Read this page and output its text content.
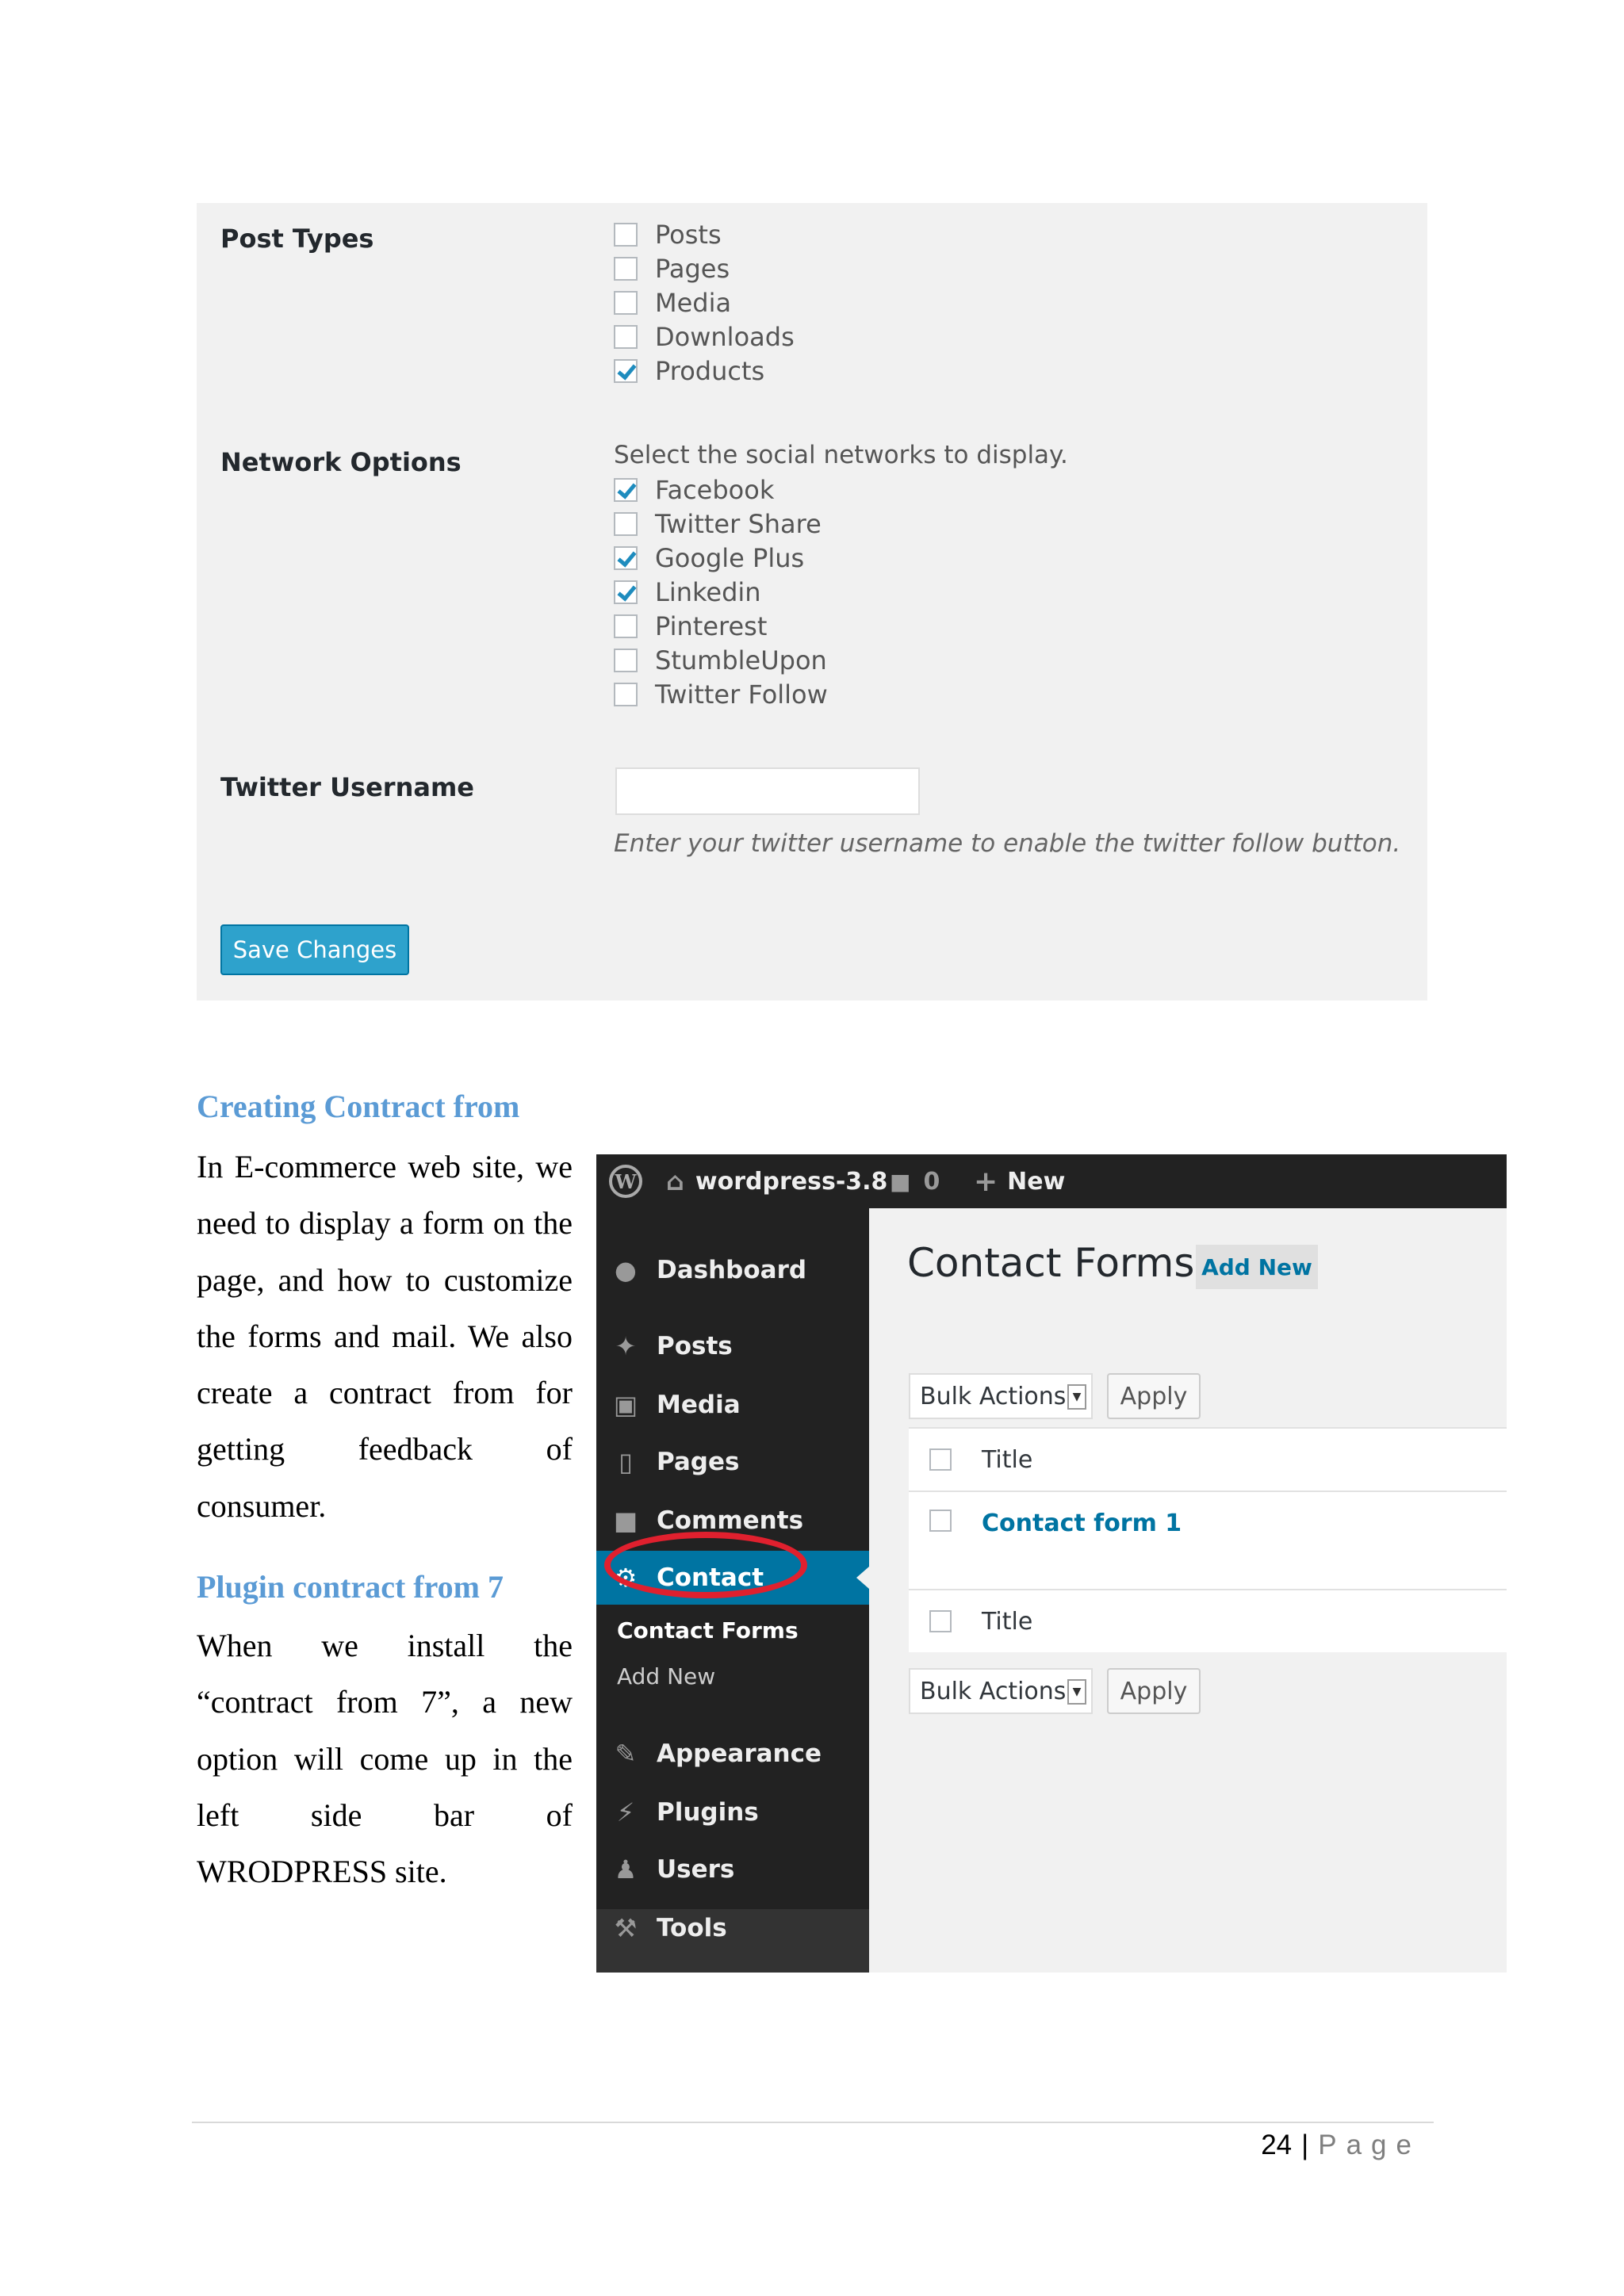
Post Types	Posts
Pages
Media
Downloads
Products
Network Options	Select the social networks to display.
Facebook
Twitter Share
Google Plus
Linkedin
Pinterest
StumbleUpon
Twitter Follow
Twitter Username
Enter your twitter username to enable the twitter follow button.
Save Changes
Creating Contract from
In E-commerce web site, we need to display a form on the page, and how to customize the forms and mail. We also create a contract from for getting feedback of consumer.
Plugin contract from 7
When we install the “contract from 7”, a new option will come up in the left side bar of WRODPRESS site.
W ⌂ wordpress-3.8 ■ 0 + New
● Dashboard
✦ Posts
▣ Media
▯ Pages
■ Comments
⚙ Contact
Contact Forms
Add New
✎ Appearance
⚡ Plugins
♟ Users
⚒ Tools
Contact Forms Add New
Bulk Actions ▼	Apply
Title
Contact form 1
Title
Bulk Actions ▼	Apply
24 | Page
